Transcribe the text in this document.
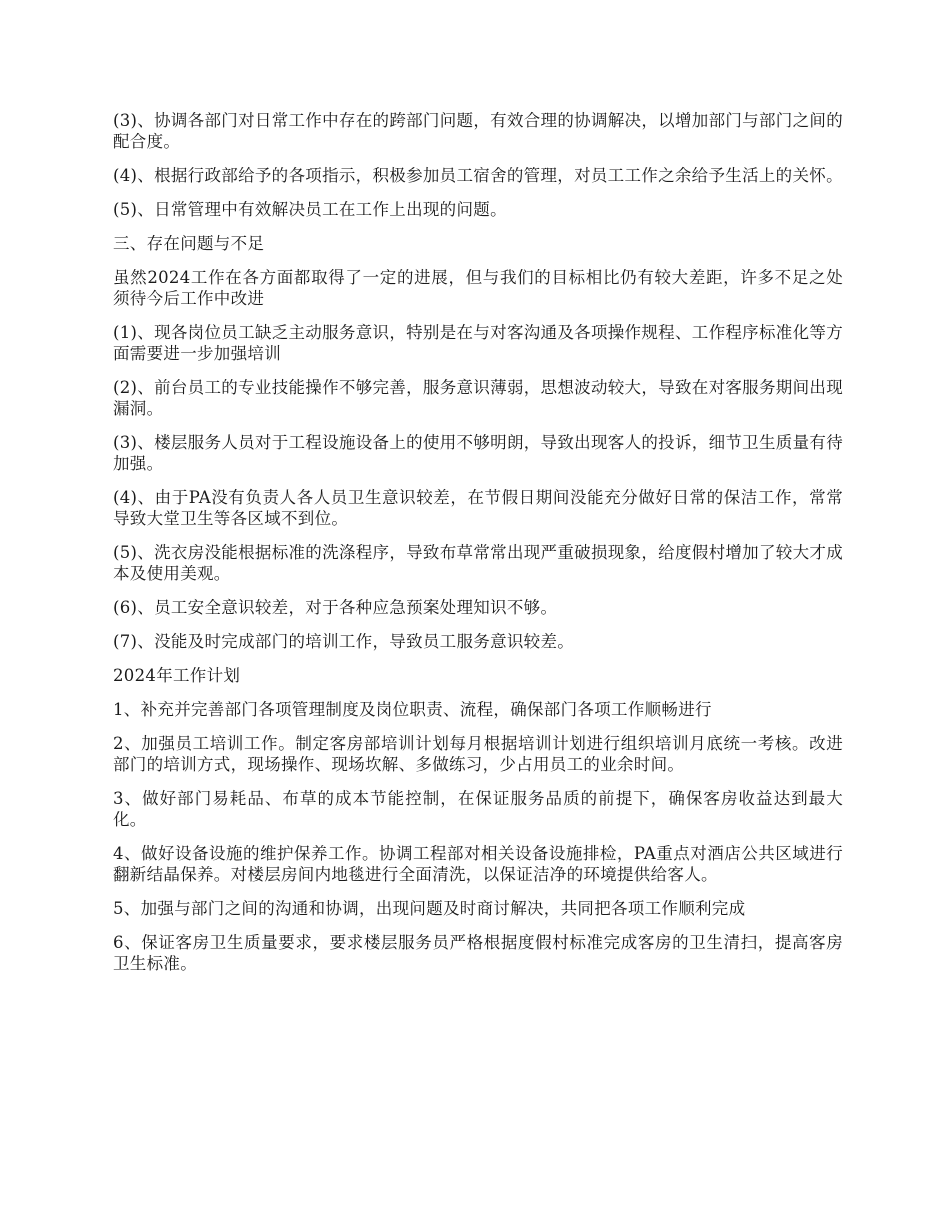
(3)、协调各部门对日常工作中存在的跨部门问题，有效合理的协调解决，以增加部门与部门之间的配合度。

(4)、根据行政部给予的各项指示，积极参加员工宿舍的管理，对员工工作之余给予生活上的关怀。

(5)、日常管理中有效解决员工在工作上出现的问题。

三、存在问题与不足

虽然2024工作在各方面都取得了一定的进展，但与我们的目标相比仍有较大差距，许多不足之处须待今后工作中改进

(1)、现各岗位员工缺乏主动服务意识，特别是在与对客沟通及各项操作规程、工作程序标准化等方面需要进一步加强培训

(2)、前台员工的专业技能操作不够完善，服务意识薄弱，思想波动较大，导致在对客服务期间出现漏洞。

(3)、楼层服务人员对于工程设施设备上的使用不够明朗，导致出现客人的投诉，细节卫生质量有待加强。

(4)、由于PA没有负责人各人员卫生意识较差，在节假日期间没能充分做好日常的保洁工作，常常导致大堂卫生等各区域不到位。

(5)、洗衣房没能根据标准的洗涤程序，导致布草常常出现严重破损现象，给度假村增加了较大才成本及使用美观。

(6)、员工安全意识较差，对于各种应急预案处理知识不够。

(7)、没能及时完成部门的培训工作，导致员工服务意识较差。

2024年工作计划

1、补充并完善部门各项管理制度及岗位职责、流程，确保部门各项工作顺畅进行

2、加强员工培训工作。制定客房部培训计划每月根据培训计划进行组织培训月底统一考核。改进部门的培训方式，现场操作、现场坎解、多做练习，少占用员工的业余时间。

3、做好部门易耗品、布草的成本节能控制，在保证服务品质的前提下，确保客房收益达到最大化。

4、做好设备设施的维护保养工作。协调工程部对相关设备设施排检，PA重点对酒店公共区域进行翻新结晶保养。对楼层房间内地毯进行全面清洗，以保证洁净的环境提供给客人。

5、加强与部门之间的沟通和协调，出现问题及时商讨解决，共同把各项工作顺利完成

6、保证客房卫生质量要求，要求楼层服务员严格根据度假村标准完成客房的卫生清扫，提高客房卫生标准。
